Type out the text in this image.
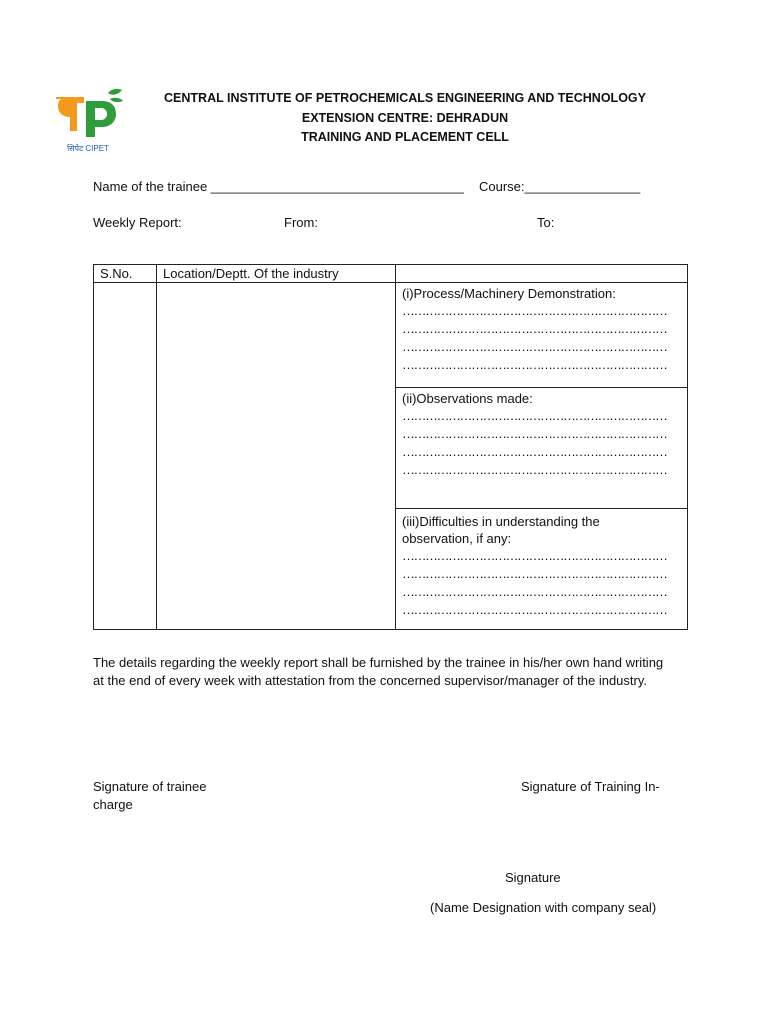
सिपेट CIPET
CENTRAL INSTITUTE OF PETROCHEMICALS ENGINEERING AND TECHNOLOGY
EXTENSION CENTRE: DEHRADUN
TRAINING AND PLACEMENT CELL
Name of the trainee ___________________________________ Course:________________
Weekly Report:	From:	To:
S.No.	Location/Deptt. Of the industry	

		(i)Process/Machinery Demonstration:
……………………………………………………………
……………………………………………………………
……………………………………………………………
……………………………………………………………

		(ii)Observations made:
……………………………………………………………
……………………………………………………………
……………………………………………………………
……………………………………………………………

		(iii)Difficulties in understanding the observation, if any:
……………………………………………………………
……………………………………………………………
……………………………………………………………
……………………………………………………………
The details regarding the weekly report shall be furnished by the trainee in his/her own hand writing at the end of every week with attestation from the concerned supervisor/manager of the industry.
Signature of trainee	Signature of Training In-
charge
Signature
(Name Designation with company seal)
